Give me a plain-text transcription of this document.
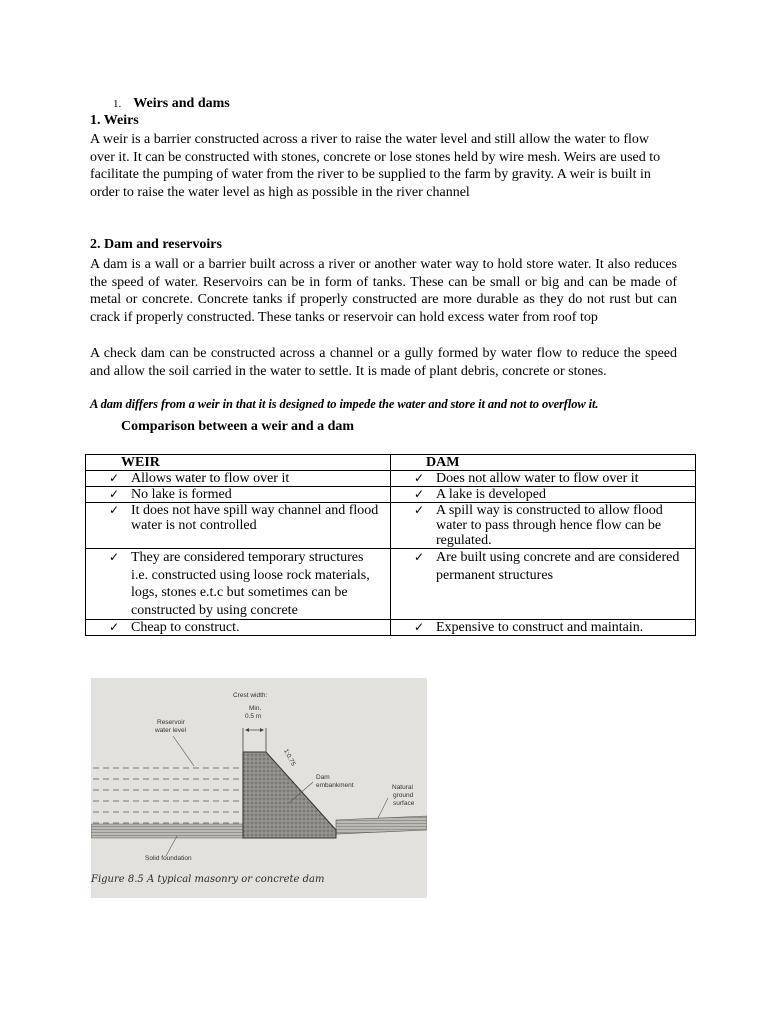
1. Weirs and dams
1. Weirs
A weir is a barrier constructed across a river to raise the water level and still allow the water to flow over it. It can be constructed with stones, concrete or lose stones held by wire mesh. Weirs are used to facilitate the pumping of water from the river to be supplied to the farm by gravity. A weir is built in order to raise the water level as high as possible in the river channel
2. Dam and reservoirs
A dam is a wall or a barrier built across a river or another water way to hold store water. It also reduces the speed of water. Reservoirs can be in form of tanks. These can be small or big and can be made of metal or concrete. Concrete tanks if properly constructed are more durable as they do not rust but can crack if properly constructed. These tanks or reservoir can hold excess water from roof top
A check dam can be constructed across a channel or a gully formed by water flow to reduce the speed and allow the soil carried in the water to settle. It is made of plant debris, concrete or stones.
A dam differs from a weir in that it is designed to impede the water and store it and not to overflow it.
Comparison between a weir and a dam
WEIR	DAM

✓ Allows water to flow over it	✓ Does not allow water to flow over it

✓ No lake is formed	✓ A lake is developed

✓ It does not have spill way channel and flood water is not controlled	✓ A spill way is constructed to allow flood water to pass through hence flow can be regulated.

✓ They are considered temporary structures i.e. constructed using loose rock materials, logs, stones e.t.c but sometimes can be constructed by using concrete	✓ Are built using concrete and are considered permanent structures

✓ Cheap to construct.	✓ Expensive to construct and maintain.
Crest width:
Min.
0.5 m
Reservoir
water level
1:0.75
Dam
embankment	Natural
ground
surface
Solid foundation
Figure 8.5 A typical masonry or concrete dam
